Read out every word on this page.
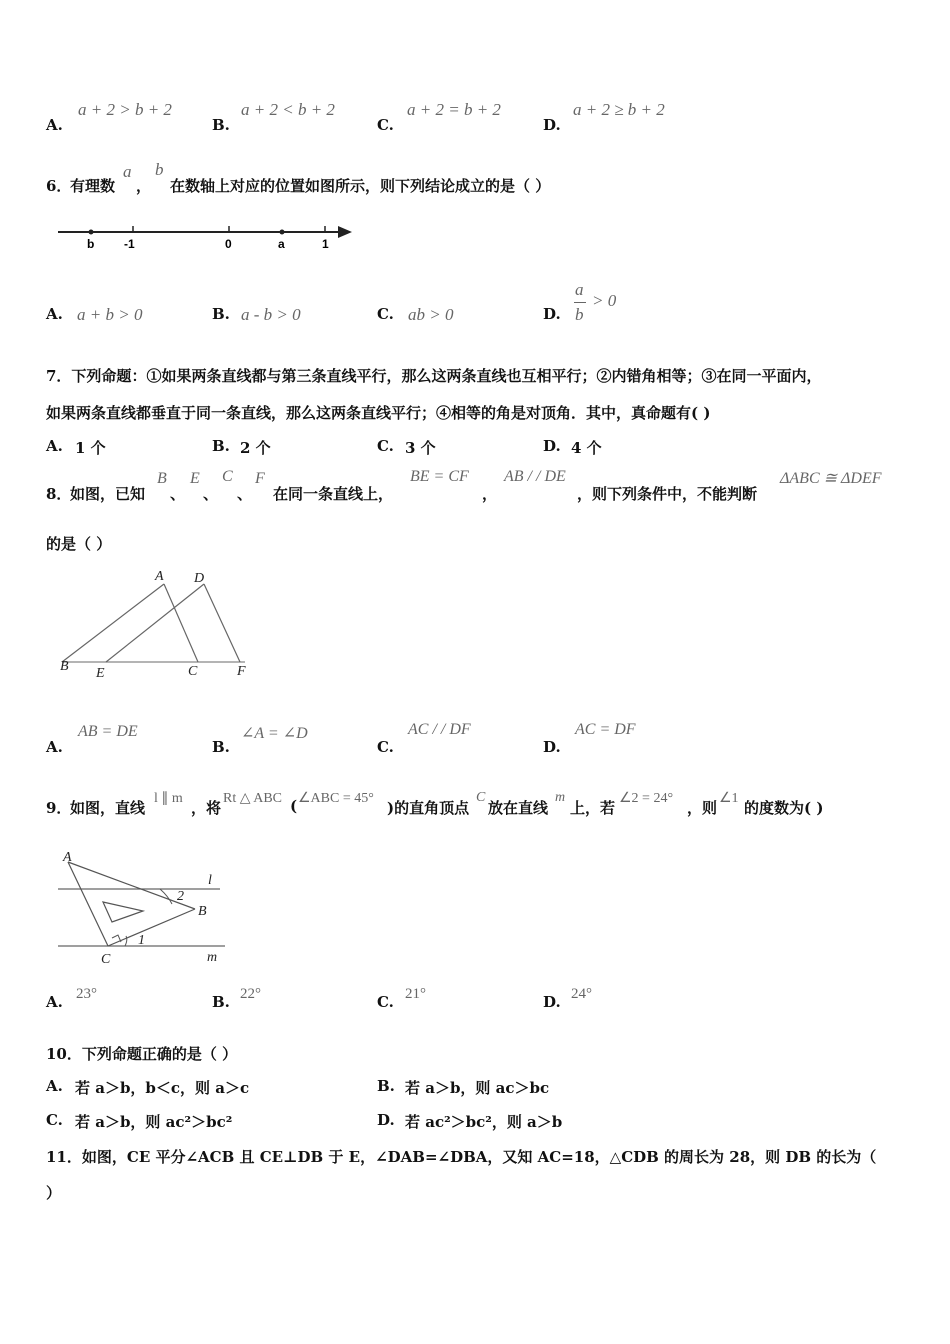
A.
a + 2 > b + 2
B.
a + 2 < b + 2
C.
a + 2 = b + 2
D.
a + 2 ≥ b + 2
6．
有理数
a
，
b
在数轴上对应的位置如图所示，则下列结论成立的是（ ）
b -1	0	a	1
A. a + b > 0	B. a - b > 0	C. ab > 0	D.
a
b
> 0
7．下列命题：①如果两条直线都与第三条直线平行，那么这两条直线也互相平行；②内错角相等；③在同一平面内，
如果两条直线都垂直于同一条直线，那么这两条直线平行；④相等的角是对顶角．其中，真命题有( )
A. 1 个	B. 2 个	C. 3 个	D. 4 个
8．
如图，已知
B
、
E
、
C
、
F
在同一条直线上，
BE = CF
，
AB / / DE
，则下列条件中，不能判断
ΔABC ≅ ΔDEF
的是（ ）
A D
B E	C	F
A.
AB = DE
B.
∠A = ∠D
C.
AC / / DF
D.
AC = DF
9．
如图，直线
l ∥ m
，将
Rt △ ABC ( ∠ABC = 45°
)的直角顶点
C
放在直线
m
上，若
∠2 = 24°
，则
∠1
的度数为( )
A
l
2
B
1
C	m
A. 23°	B. 22°	C. 21°	D. 24°
10．下列命题正确的是（ ）
A. 若 a＞b，b＜c，则 a＞c	B. 若 a＞b，则 ac＞bc
C. 若 a＞b，则 ac²＞bc²	D. 若 ac²＞bc²，则 a＞b
11．如图，CE 平分∠ACB 且 CE⊥DB 于 E，∠DAB=∠DBA，又知 AC=18，△CDB 的周长为 28，则 DB 的长为（
）
